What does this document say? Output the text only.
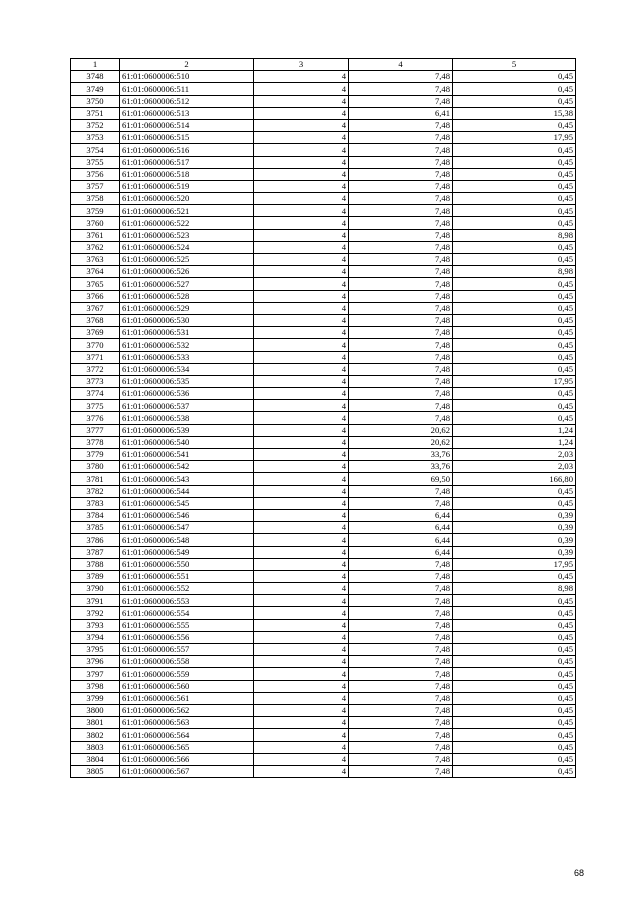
1	2	3	4	5
3748	61:01:0600006:510	4	7,48	0,45
3749	61:01:0600006:511	4	7,48	0,45
3750	61:01:0600006:512	4	7,48	0,45
3751	61:01:0600006:513	4	6,41	15,38
3752	61:01:0600006:514	4	7,48	0,45
3753	61:01:0600006:515	4	7,48	17,95
3754	61:01:0600006:516	4	7,48	0,45
3755	61:01:0600006:517	4	7,48	0,45
3756	61:01:0600006:518	4	7,48	0,45
3757	61:01:0600006:519	4	7,48	0,45
3758	61:01:0600006:520	4	7,48	0,45
3759	61:01:0600006:521	4	7,48	0,45
3760	61:01:0600006:522	4	7,48	0,45
3761	61:01:0600006:523	4	7,48	8,98
3762	61:01:0600006:524	4	7,48	0,45
3763	61:01:0600006:525	4	7,48	0,45
3764	61:01:0600006:526	4	7,48	8,98
3765	61:01:0600006:527	4	7,48	0,45
3766	61:01:0600006:528	4	7,48	0,45
3767	61:01:0600006:529	4	7,48	0,45
3768	61:01:0600006:530	4	7,48	0,45
3769	61:01:0600006:531	4	7,48	0,45
3770	61:01:0600006:532	4	7,48	0,45
3771	61:01:0600006:533	4	7,48	0,45
3772	61:01:0600006:534	4	7,48	0,45
3773	61:01:0600006:535	4	7,48	17,95
3774	61:01:0600006:536	4	7,48	0,45
3775	61:01:0600006:537	4	7,48	0,45
3776	61:01:0600006:538	4	7,48	0,45
3777	61:01:0600006:539	4	20,62	1,24
3778	61:01:0600006:540	4	20,62	1,24
3779	61:01:0600006:541	4	33,76	2,03
3780	61:01:0600006:542	4	33,76	2,03
3781	61:01:0600006:543	4	69,50	166,80
3782	61:01:0600006:544	4	7,48	0,45
3783	61:01:0600006:545	4	7,48	0,45
3784	61:01:0600006:546	4	6,44	0,39
3785	61:01:0600006:547	4	6,44	0,39
3786	61:01:0600006:548	4	6,44	0,39
3787	61:01:0600006:549	4	6,44	0,39
3788	61:01:0600006:550	4	7,48	17,95
3789	61:01:0600006:551	4	7,48	0,45
3790	61:01:0600006:552	4	7,48	8,98
3791	61:01:0600006:553	4	7,48	0,45
3792	61:01:0600006:554	4	7,48	0,45
3793	61:01:0600006:555	4	7,48	0,45
3794	61:01:0600006:556	4	7,48	0,45
3795	61:01:0600006:557	4	7,48	0,45
3796	61:01:0600006:558	4	7,48	0,45
3797	61:01:0600006:559	4	7,48	0,45
3798	61:01:0600006:560	4	7,48	0,45
3799	61:01:0600006:561	4	7,48	0,45
3800	61:01:0600006:562	4	7,48	0,45
3801	61:01:0600006:563	4	7,48	0,45
3802	61:01:0600006:564	4	7,48	0,45
3803	61:01:0600006:565	4	7,48	0,45
3804	61:01:0600006:566	4	7,48	0,45
3805	61:01:0600006:567	4	7,48	0,45
68
